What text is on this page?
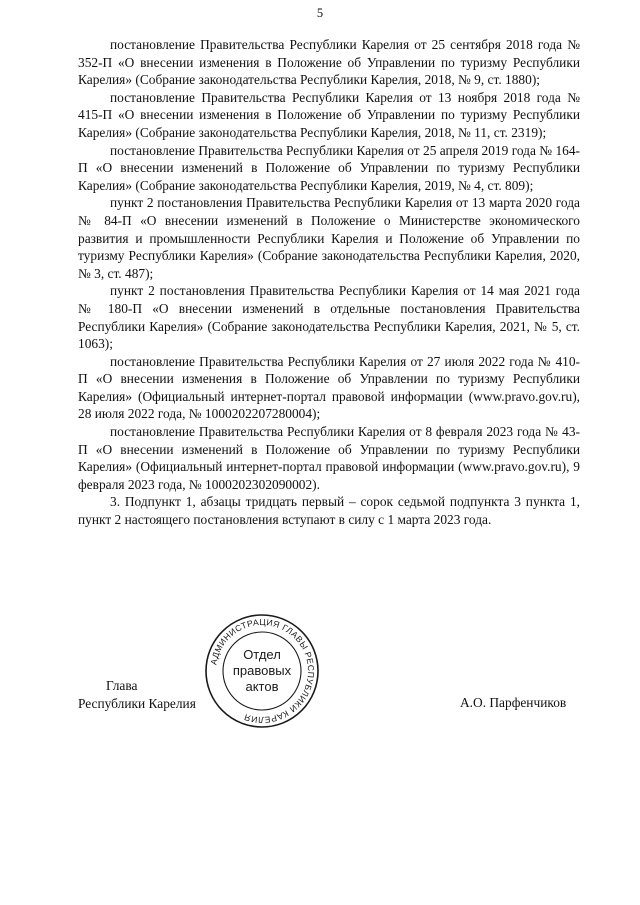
5

постановление Правительства Республики Карелия от 25 сентября 2018 года № 352-П «О внесении изменения в Положение об Управлении по туризму Республики Карелия» (Собрание законодательства Республики Карелия, 2018, № 9, ст. 1880);

постановление Правительства Республики Карелия от 13 ноября 2018 года № 415-П «О внесении изменения в Положение об Управлении по туризму Республики Карелия» (Собрание законодательства Республики Карелия, 2018, № 11, ст. 2319);

постановление Правительства Республики Карелия от 25 апреля 2019 года № 164-П «О внесении изменений в Положение об Управлении по туризму Республики Карелия» (Собрание законодательства Республики Карелия, 2019, № 4, ст. 809);

пункт 2 постановления Правительства Республики Карелия от 13 марта 2020 года № 84-П «О внесении изменений в Положение о Министерстве экономического развития и промышленности Республики Карелия и Положение об Управлении по туризму Республики Карелия» (Собрание законодательства Республики Карелия, 2020, № 3, ст. 487);

пункт 2 постановления Правительства Республики Карелия от 14 мая 2021 года № 180-П «О внесении изменений в отдельные постановления Правительства Республики Карелия» (Собрание законодательства Республики Карелия, 2021, № 5, ст. 1063);

постановление Правительства Республики Карелия от 27 июля 2022 года № 410-П «О внесении изменения в Положение об Управлении по туризму Республики Карелия» (Официальный интернет-портал правовой информации (www.pravo.gov.ru), 28 июля 2022 года, № 1000202207280004);

постановление Правительства Республики Карелия от 8 февраля 2023 года № 43-П «О внесении изменений в Положение об Управлении по туризму Республики Карелия» (Официальный интернет-портал правовой информации (www.pravo.gov.ru), 9 февраля 2023 года, № 1000202302090002).

3. Подпункт 1, абзацы тридцать первый – сорок седьмой подпункта 3 пункта 1, пункт 2 настоящего постановления вступают в силу с 1 марта 2023 года.

Глава
Республики Карелия
АДМИНИСТРАЦИЯ ГЛАВЫ РЕСПУБЛИКИ КАРЕЛИЯ
Отдел
правовых
актов
А.О. Парфенчиков
